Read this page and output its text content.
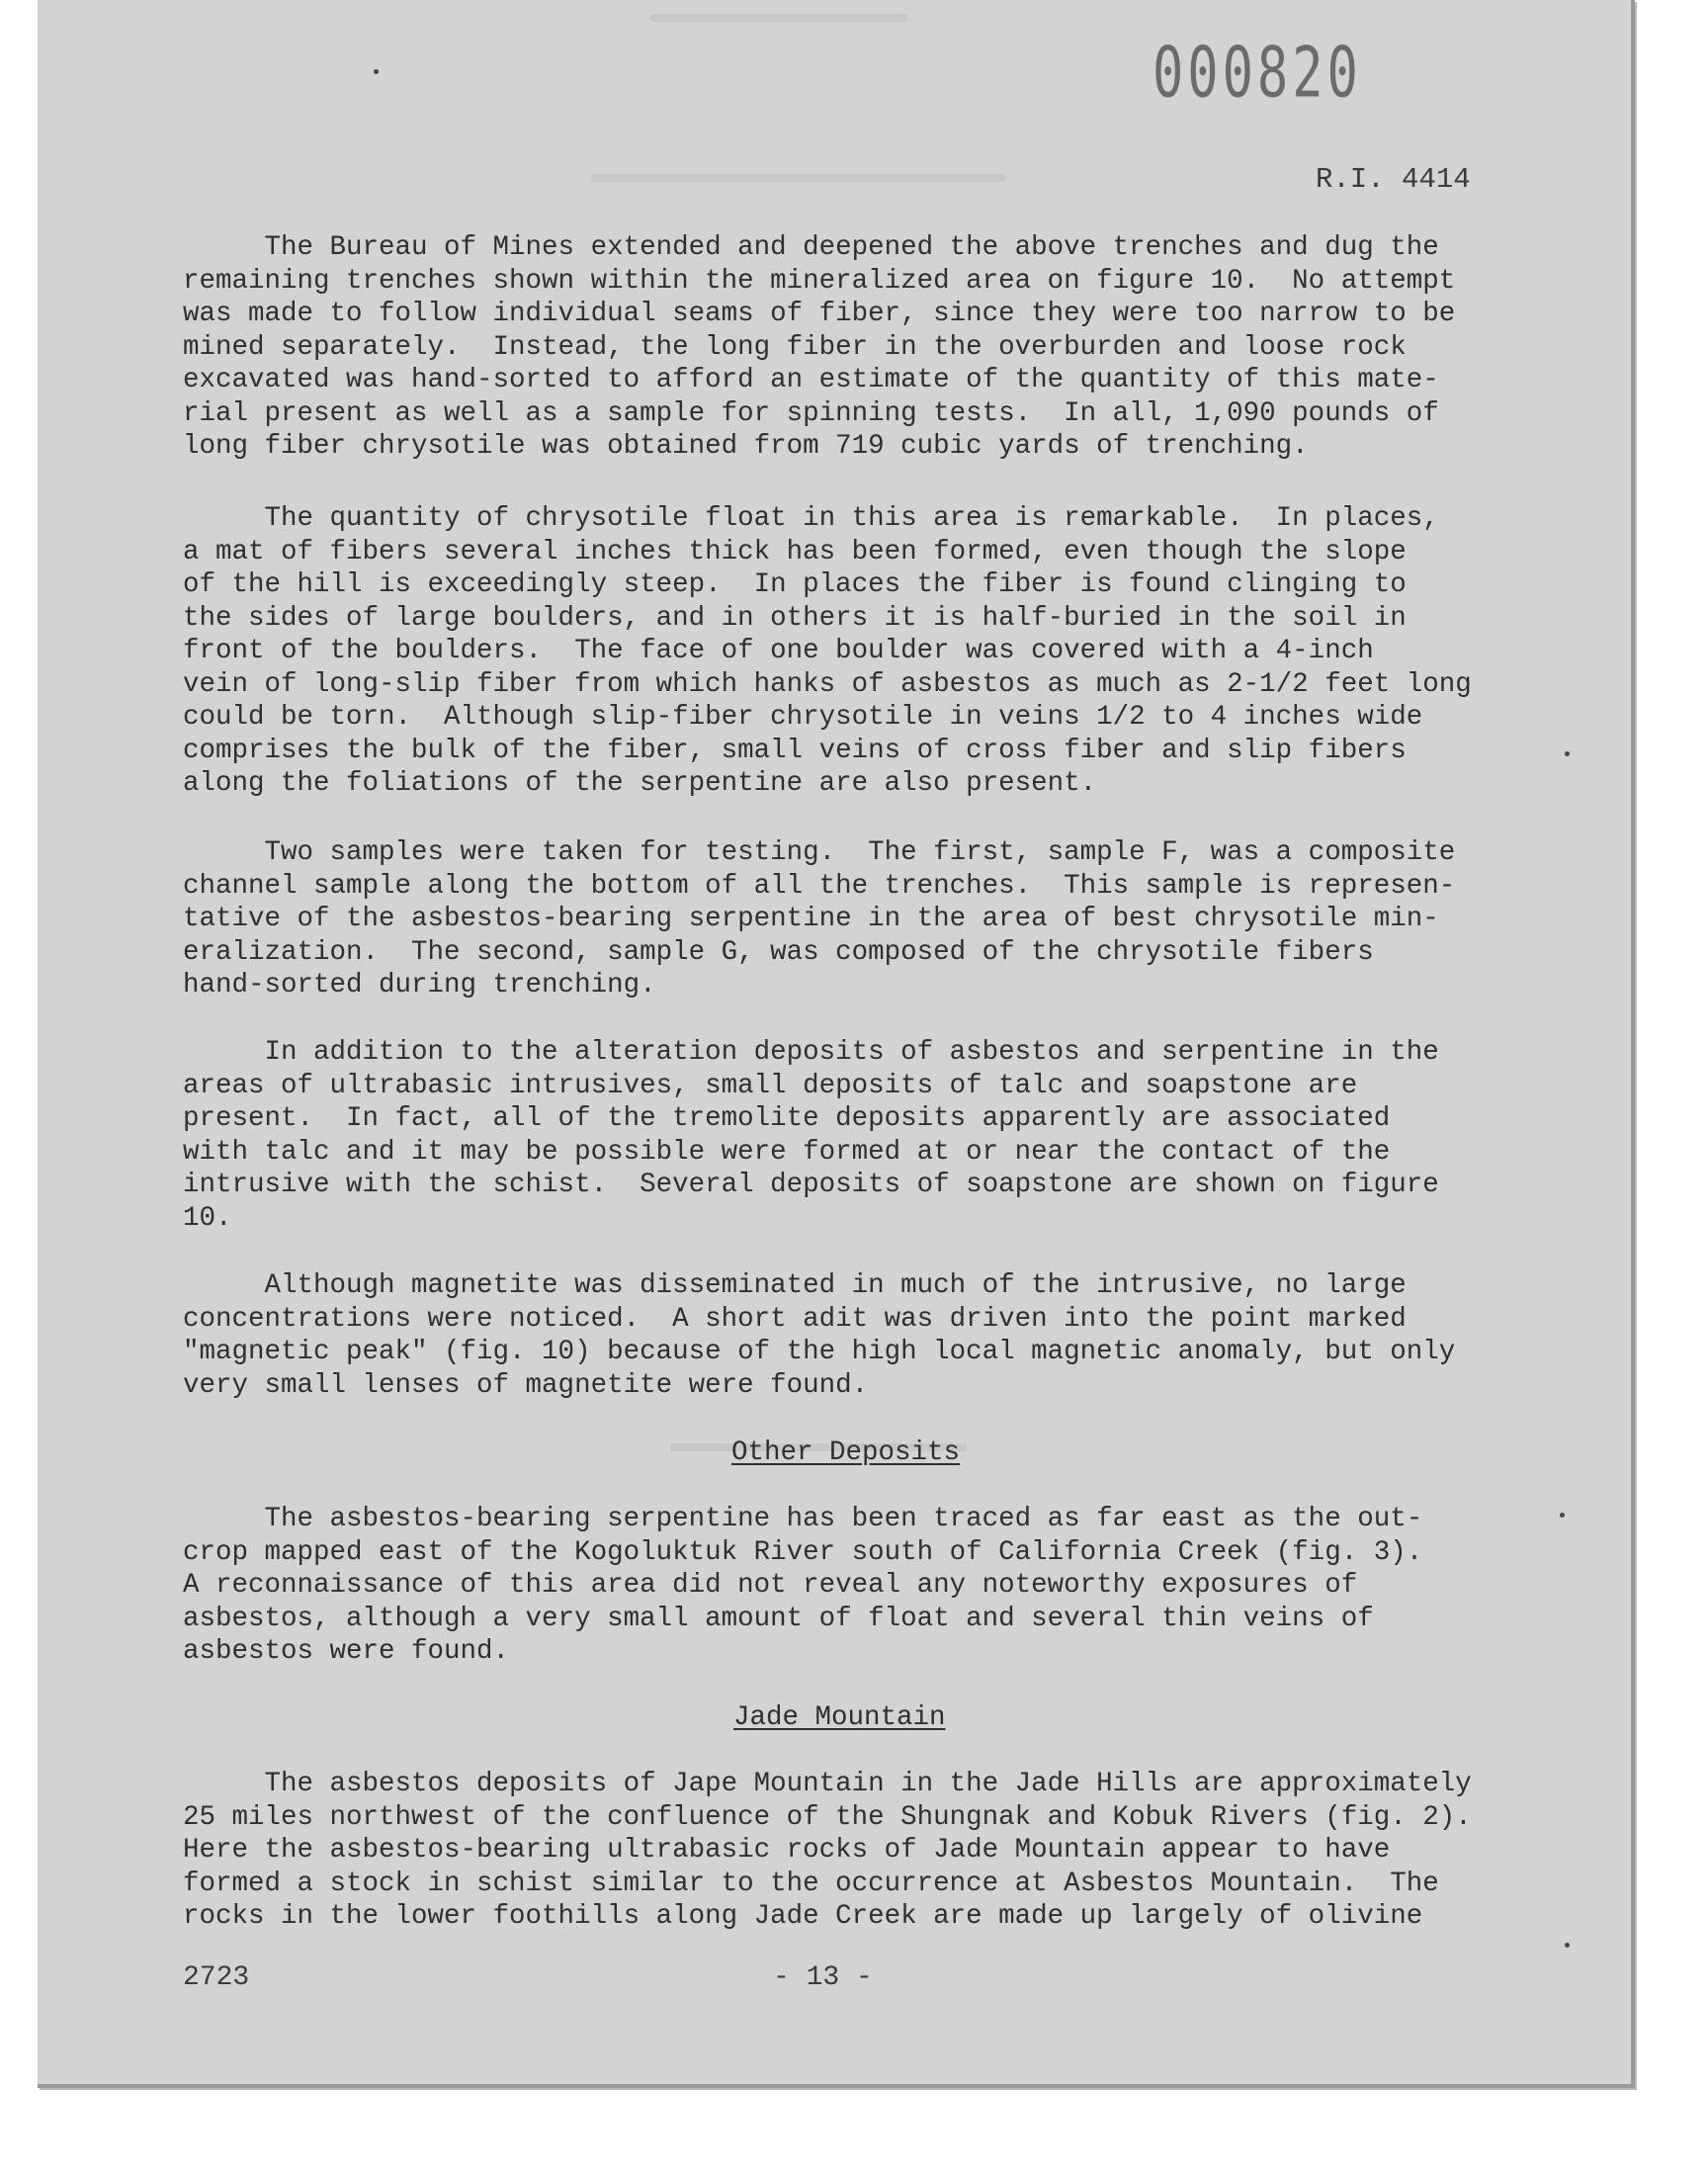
000820
R.I. 4414
The Bureau of Mines extended and deepened the above trenches and dug the
remaining trenches shown within the mineralized area on figure 10.  No attempt
was made to follow individual seams of fiber, since they were too narrow to be
mined separately.  Instead, the long fiber in the overburden and loose rock
excavated was hand-sorted to afford an estimate of the quantity of this mate-
rial present as well as a sample for spinning tests.  In all, 1,090 pounds of
long fiber chrysotile was obtained from 719 cubic yards of trenching.
The quantity of chrysotile float in this area is remarkable.  In places,
a mat of fibers several inches thick has been formed, even though the slope
of the hill is exceedingly steep.  In places the fiber is found clinging to
the sides of large boulders, and in others it is half-buried in the soil in
front of the boulders.  The face of one boulder was covered with a 4-inch
vein of long-slip fiber from which hanks of asbestos as much as 2-1/2 feet long
could be torn.  Although slip-fiber chrysotile in veins 1/2 to 4 inches wide
comprises the bulk of the fiber, small veins of cross fiber and slip fibers
along the foliations of the serpentine are also present.
Two samples were taken for testing.  The first, sample F, was a composite
channel sample along the bottom of all the trenches.  This sample is represen-
tative of the asbestos-bearing serpentine in the area of best chrysotile min-
eralization.  The second, sample G, was composed of the chrysotile fibers
hand-sorted during trenching.
In addition to the alteration deposits of asbestos and serpentine in the
areas of ultrabasic intrusives, small deposits of talc and soapstone are
present.  In fact, all of the tremolite deposits apparently are associated
with talc and it may be possible were formed at or near the contact of the
intrusive with the schist.  Several deposits of soapstone are shown on figure
10.
Although magnetite was disseminated in much of the intrusive, no large
concentrations were noticed.  A short adit was driven into the point marked
"magnetic peak" (fig. 10) because of the high local magnetic anomaly, but only
very small lenses of magnetite were found.
Other Deposits
The asbestos-bearing serpentine has been traced as far east as the out-
crop mapped east of the Kogoluktuk River south of California Creek (fig. 3).
A reconnaissance of this area did not reveal any noteworthy exposures of
asbestos, although a very small amount of float and several thin veins of
asbestos were found.
Jade Mountain
The asbestos deposits of Jape Mountain in the Jade Hills are approximately
25 miles northwest of the confluence of the Shungnak and Kobuk Rivers (fig. 2).
Here the asbestos-bearing ultrabasic rocks of Jade Mountain appear to have
formed a stock in schist similar to the occurrence at Asbestos Mountain.  The
rocks in the lower foothills along Jade Creek are made up largely of olivine
2723	- 13 -
